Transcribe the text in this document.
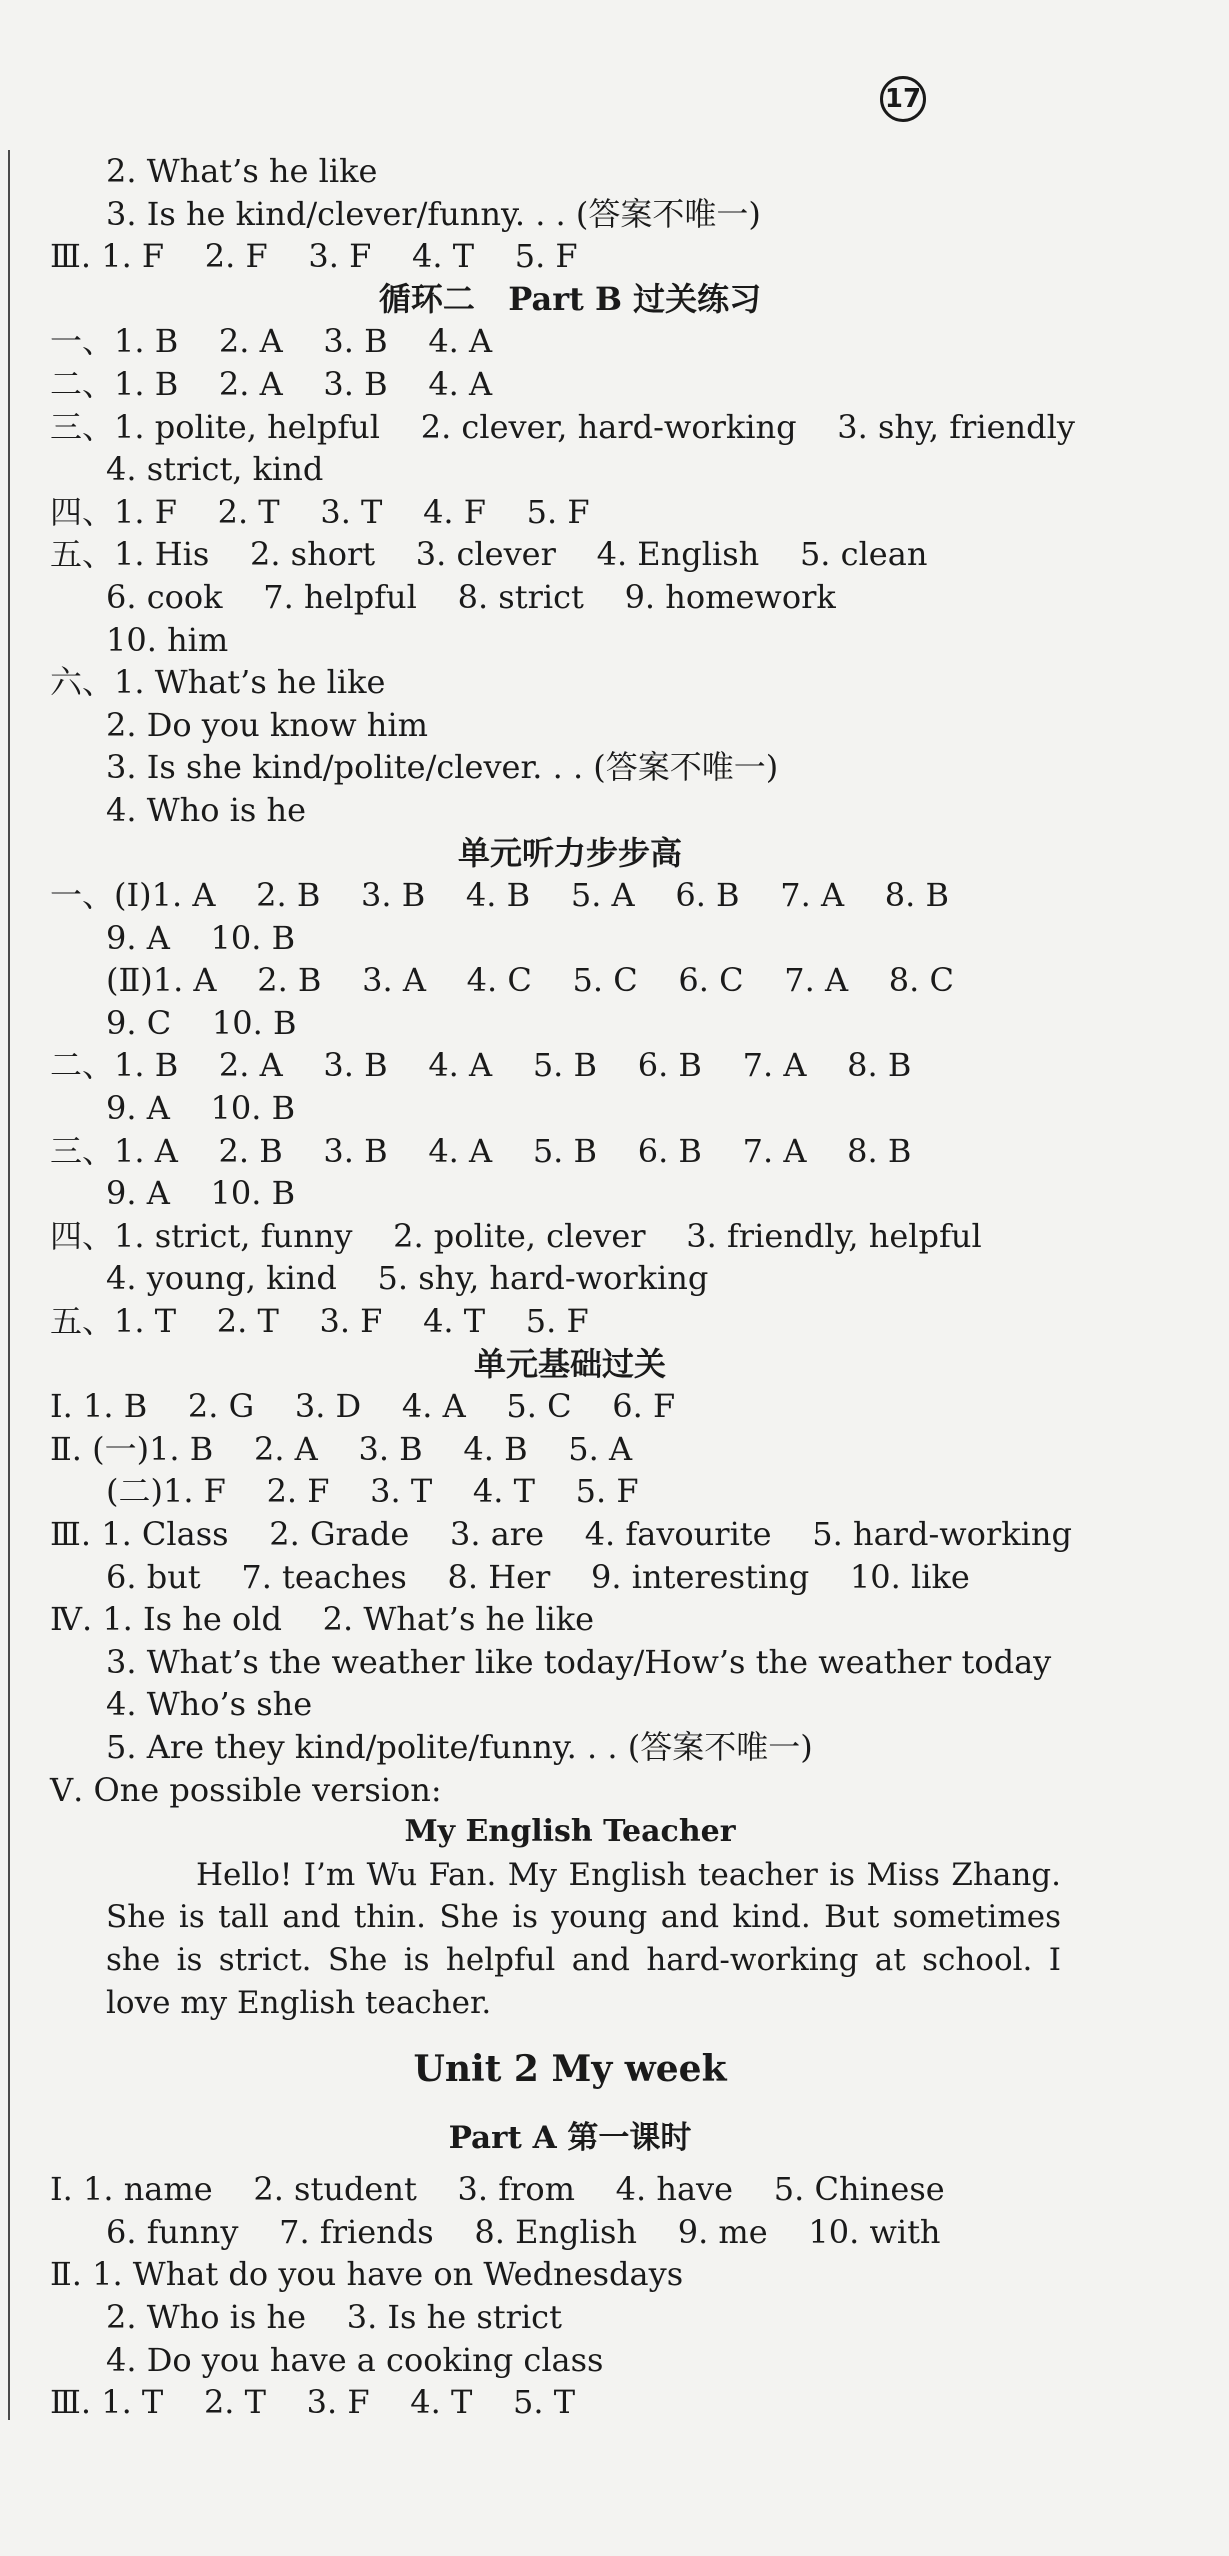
17
2. What’s he like
3. Is he kind/clever/funny. . . (答案不唯一)
Ⅲ. 1. F    2. F    3. F    4. T    5. F
循环二   Part B 过关练习
一、1. B    2. A    3. B    4. A
二、1. B    2. A    3. B    4. A
三、1. polite, helpful    2. clever, hard-working    3. shy, friendly
4. strict, kind
四、1. F    2. T    3. T    4. F    5. F
五、1. His    2. short    3. clever    4. English    5. clean
6. cook    7. helpful    8. strict    9. homework
10. him
六、1. What’s he like
2. Do you know him
3. Is she kind/polite/clever. . . (答案不唯一)
4. Who is he
单元听力步步高
一、(Ⅰ)1. A    2. B    3. B    4. B    5. A    6. B    7. A    8. B
9. A    10. B
(Ⅱ)1. A    2. B    3. A    4. C    5. C    6. C    7. A    8. C
9. C    10. B
二、1. B    2. A    3. B    4. A    5. B    6. B    7. A    8. B
9. A    10. B
三、1. A    2. B    3. B    4. A    5. B    6. B    7. A    8. B
9. A    10. B
四、1. strict, funny    2. polite, clever    3. friendly, helpful
4. young, kind    5. shy, hard-working
五、1. T    2. T    3. F    4. T    5. F
单元基础过关
Ⅰ. 1. B    2. G    3. D    4. A    5. C    6. F
Ⅱ. (一)1. B    2. A    3. B    4. B    5. A
(二)1. F    2. F    3. T    4. T    5. F
Ⅲ. 1. Class    2. Grade    3. are    4. favourite    5. hard-working
6. but    7. teaches    8. Her    9. interesting    10. like
Ⅳ. 1. Is he old    2. What’s he like
3. What’s the weather like today/How’s the weather today
4. Who’s she
5. Are they kind/polite/funny. . . (答案不唯一)
Ⅴ. One possible version:
My English Teacher
Hello! I’m Wu Fan. My English teacher is Miss Zhang. She is tall and thin. She is young and kind. But sometimes she is strict. She is helpful and hard-working at school. I love my English teacher.
Unit 2 My week
Part A 第一课时
Ⅰ. 1. name    2. student    3. from    4. have    5. Chinese
6. funny    7. friends    8. English    9. me    10. with
Ⅱ. 1. What do you have on Wednesdays
2. Who is he    3. Is he strict
4. Do you have a cooking class
Ⅲ. 1. T    2. T    3. F    4. T    5. T
